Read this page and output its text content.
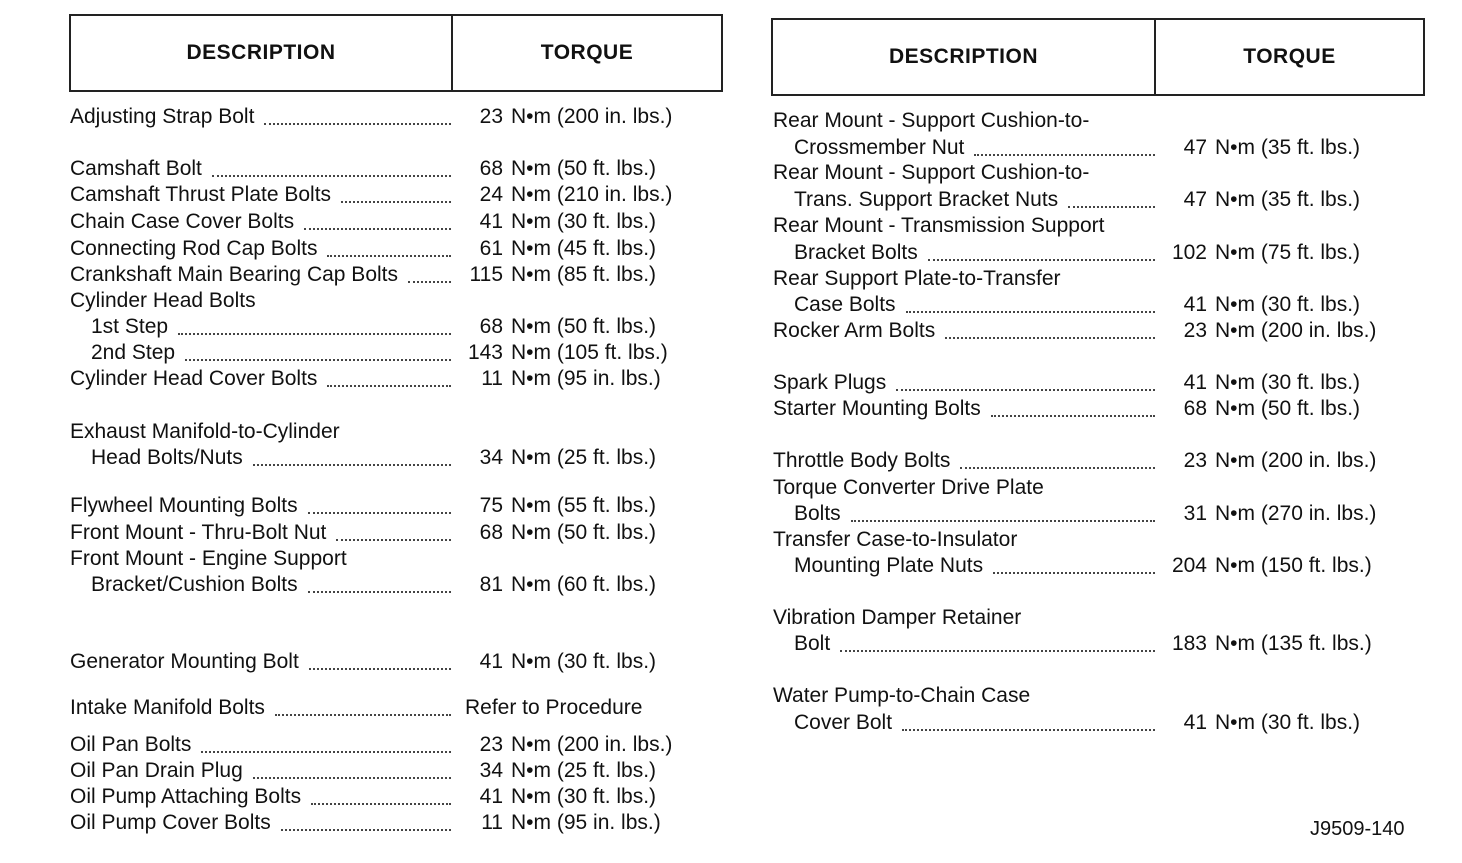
DESCRIPTION	TORQUE	DESCRIPTION	TORQUE
Adjusting Strap Bolt	23 N•m (200 in. lbs.)
Camshaft Bolt	68 N•m (50 ft. lbs.)
Camshaft Thrust Plate Bolts	24 N•m (210 in. lbs.)
Chain Case Cover Bolts	41 N•m (30 ft. lbs.)
Connecting Rod Cap Bolts	61 N•m (45 ft. lbs.)
Crankshaft Main Bearing Cap Bolts	115 N•m (85 ft. lbs.)
Cylinder Head Bolts
1st Step	68 N•m (50 ft. lbs.)
2nd Step	143 N•m (105 ft. lbs.)
Cylinder Head Cover Bolts	11 N•m (95 in. lbs.)
Exhaust Manifold-to-Cylinder
Head Bolts/Nuts	34 N•m (25 ft. lbs.)
Flywheel Mounting Bolts	75 N•m (55 ft. lbs.)
Front Mount - Thru-Bolt Nut	68 N•m (50 ft. lbs.)
Front Mount - Engine Support
Bracket/Cushion Bolts	81 N•m (60 ft. lbs.)
Generator Mounting Bolt	41 N•m (30 ft. lbs.)
Intake Manifold Bolts	Refer to Procedure
Oil Pan Bolts	23 N•m (200 in. lbs.)
Oil Pan Drain Plug	34 N•m (25 ft. lbs.)
Oil Pump Attaching Bolts	41 N•m (30 ft. lbs.)
Oil Pump Cover Bolts	11 N•m (95 in. lbs.)
Rear Mount - Support Cushion-to-
Crossmember Nut	47 N•m (35 ft. lbs.)
Rear Mount - Support Cushion-to-
Trans. Support Bracket Nuts	47 N•m (35 ft. lbs.)
Rear Mount - Transmission Support
Bracket Bolts	102 N•m (75 ft. lbs.)
Rear Support Plate-to-Transfer
Case Bolts	41 N•m (30 ft. lbs.)
Rocker Arm Bolts	23 N•m (200 in. lbs.)
Spark Plugs	41 N•m (30 ft. lbs.)
Starter Mounting Bolts	68 N•m (50 ft. lbs.)
Throttle Body Bolts	23 N•m (200 in. lbs.)
Torque Converter Drive Plate
Bolts	31 N•m (270 in. lbs.)
Transfer Case-to-Insulator
Mounting Plate Nuts	204 N•m (150 ft. lbs.)
Vibration Damper Retainer
Bolt	183 N•m (135 ft. lbs.)
Water Pump-to-Chain Case
Cover Bolt	41 N•m (30 ft. lbs.)
J9509-140
